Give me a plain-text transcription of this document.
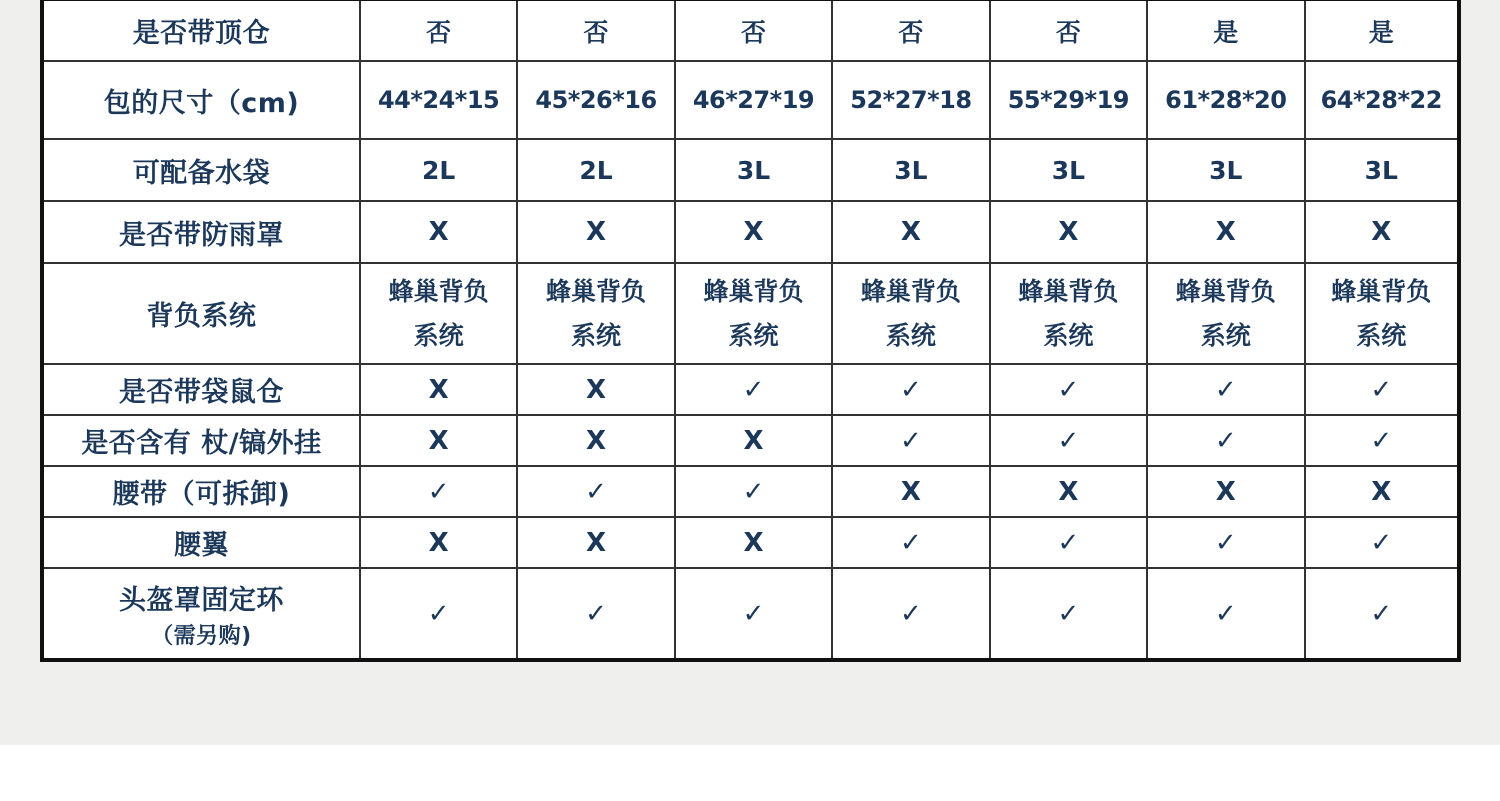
是否带顶仓	否	否	否	否	否	是	是
包的尺寸（cm)	44*24*15	45*26*16	46*27*19	52*27*18	55*29*19	61*28*20	64*28*22
可配备水袋	2L	2L	3L	3L	3L	3L	3L
是否带防雨罩	X	X	X	X	X	X	X
背负系统	蜂巢背负系统	蜂巢背负系统	蜂巢背负系统	蜂巢背负系统	蜂巢背负系统	蜂巢背负系统	蜂巢背负系统
是否带袋鼠仓	X	X	✓	✓	✓	✓	✓
是否含有 杖/镐外挂	X	X	X	✓	✓	✓	✓
腰带（可拆卸)	✓	✓	✓	X	X	X	X
腰翼	X	X	X	✓	✓	✓	✓
头盔罩固定环
（需另购)	✓	✓	✓	✓	✓	✓	✓
